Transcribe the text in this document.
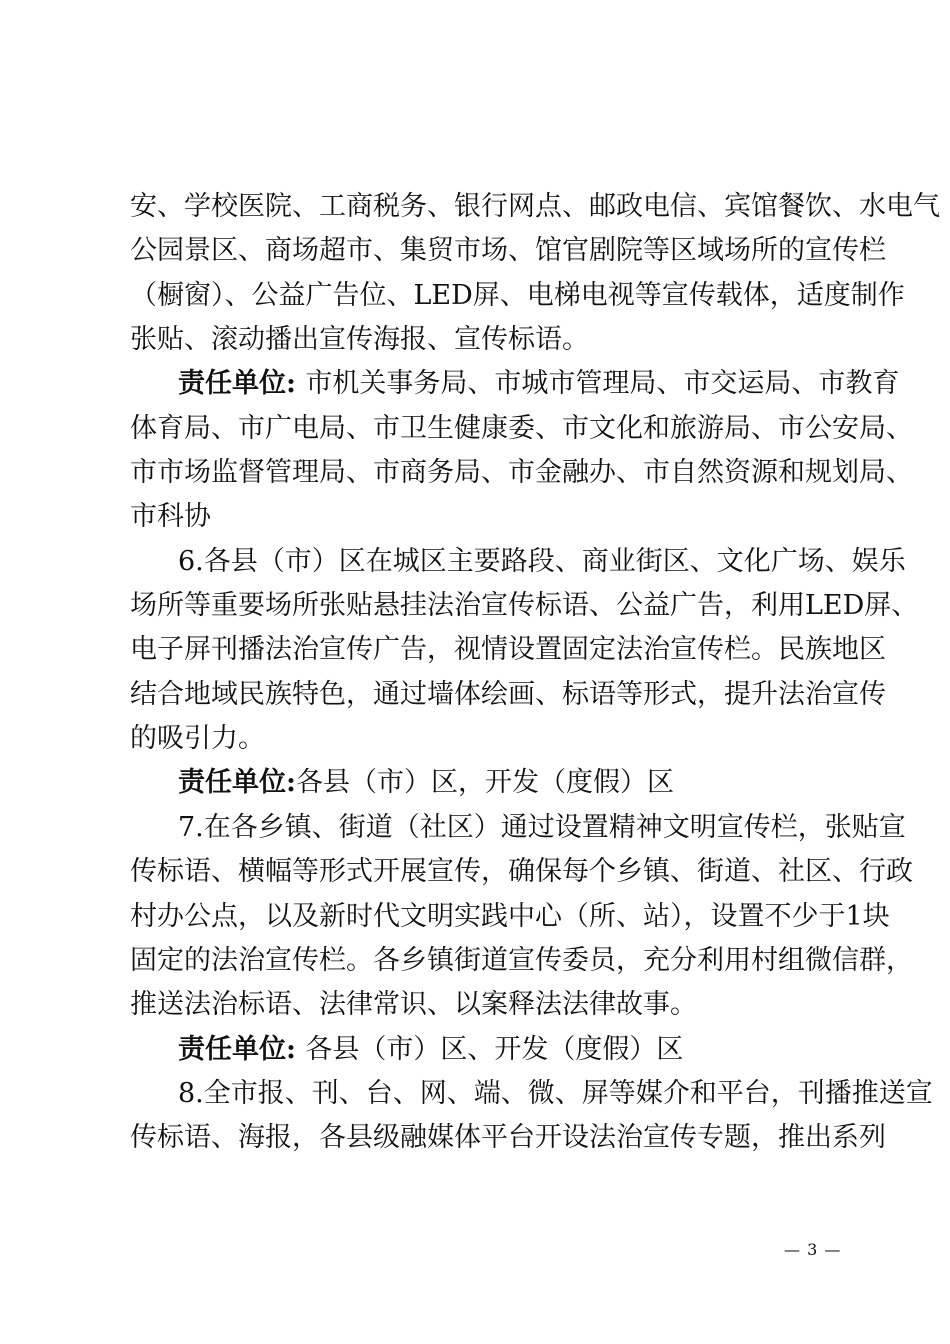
安、学校医院、工商税务、银行网点、邮政电信、宾馆餐饮、水电气
公园景区、商场超市、集贸市场、馆官剧院等区域场所的宣传栏
（橱窗）、公益广告位、LED屏、电梯电视等宣传载体，适度制作
张贴、滚动播出宣传海报、宣传标语。
责任单位: 市机关事务局、市城市管理局、市交运局、市教育
体育局、市广电局、市卫生健康委、市文化和旅游局、市公安局、
市市场监督管理局、市商务局、市金融办、市自然资源和规划局、
市科协
6.各县（市）区在城区主要路段、商业街区、文化广场、娱乐
场所等重要场所张贴悬挂法治宣传标语、公益广告，利用LED屏、
电子屏刊播法治宣传广告，视情设置固定法治宣传栏。民族地区
结合地域民族特色，通过墙体绘画、标语等形式，提升法治宣传
的吸引力。
责任单位:各县（市）区，开发（度假）区
7.在各乡镇、街道（社区）通过设置精神文明宣传栏，张贴宣
传标语、横幅等形式开展宣传，确保每个乡镇、街道、社区、行政
村办公点，以及新时代文明实践中心（所、站），设置不少于1块
固定的法治宣传栏。各乡镇街道宣传委员，充分利用村组微信群，
推送法治标语、法律常识、以案释法法律故事。
责任单位: 各县（市）区、开发（度假）区
8.全市报、刊、台、网、端、微、屏等媒介和平台，刊播推送宣
传标语、海报，各县级融媒体平台开设法治宣传专题，推出系列
— 3 —
